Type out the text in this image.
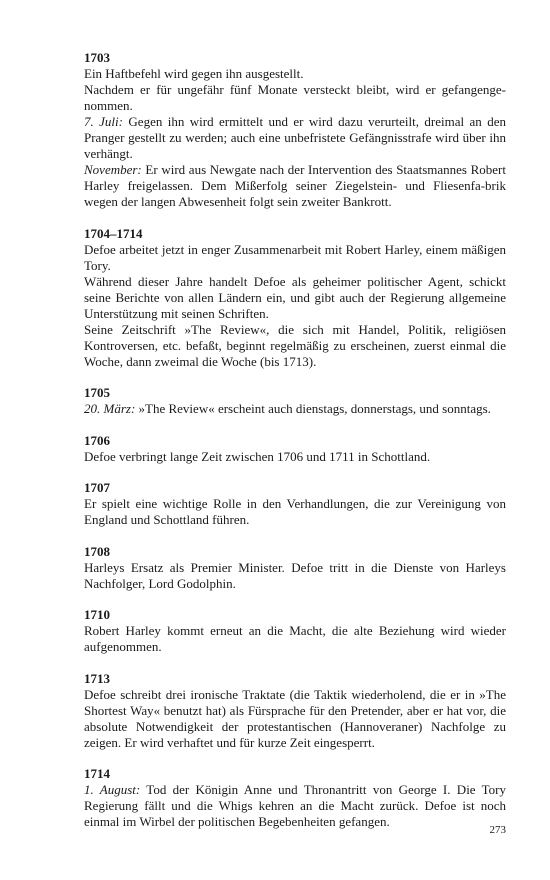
1703

Ein Haftbefehl wird gegen ihn ausgestellt.

Nachdem er für ungefähr fünf Monate versteckt bleibt, wird er gefangenge-nommen.

7. Juli: Gegen ihn wird ermittelt und er wird dazu verurteilt, dreimal an den Pranger gestellt zu werden; auch eine unbefristete Gefängnisstrafe wird über ihn verhängt.

November: Er wird aus Newgate nach der Intervention des Staatsmannes Robert Harley freigelassen. Dem Mißerfolg seiner Ziegelstein- und Fliesenfa-brik wegen der langen Abwesenheit folgt sein zweiter Bankrott.

1704–1714

Defoe arbeitet jetzt in enger Zusammenarbeit mit Robert Harley, einem mäßigen Tory.

Während dieser Jahre handelt Defoe als geheimer politischer Agent, schickt seine Berichte von allen Ländern ein, und gibt auch der Regierung allgemeine Unterstützung mit seinen Schriften.

Seine Zeitschrift »The Review«, die sich mit Handel, Politik, religiösen Kontroversen, etc. befaßt, beginnt regelmäßig zu erscheinen, zuerst einmal die Woche, dann zweimal die Woche (bis 1713).

1705

20. März: »The Review« erscheint auch dienstags, donnerstags, und sonntags.

1706

Defoe verbringt lange Zeit zwischen 1706 und 1711 in Schottland.

1707

Er spielt eine wichtige Rolle in den Verhandlungen, die zur Vereinigung von England und Schottland führen.

1708

Harleys Ersatz als Premier Minister. Defoe tritt in die Dienste von Harleys Nachfolger, Lord Godolphin.

1710

Robert Harley kommt erneut an die Macht, die alte Beziehung wird wieder aufgenommen.

1713

Defoe schreibt drei ironische Traktate (die Taktik wiederholend, die er in »The Shortest Way« benutzt hat) als Fürsprache für den Pretender, aber er hat vor, die absolute Notwendigkeit der protestantischen (Hannoveraner) Nachfolge zu zeigen. Er wird verhaftet und für kurze Zeit eingesperrt.

1714

1. August: Tod der Königin Anne und Thronantritt von George I. Die Tory Regierung fällt und die Whigs kehren an die Macht zurück. Defoe ist noch einmal im Wirbel der politischen Begebenheiten gefangen.

273
